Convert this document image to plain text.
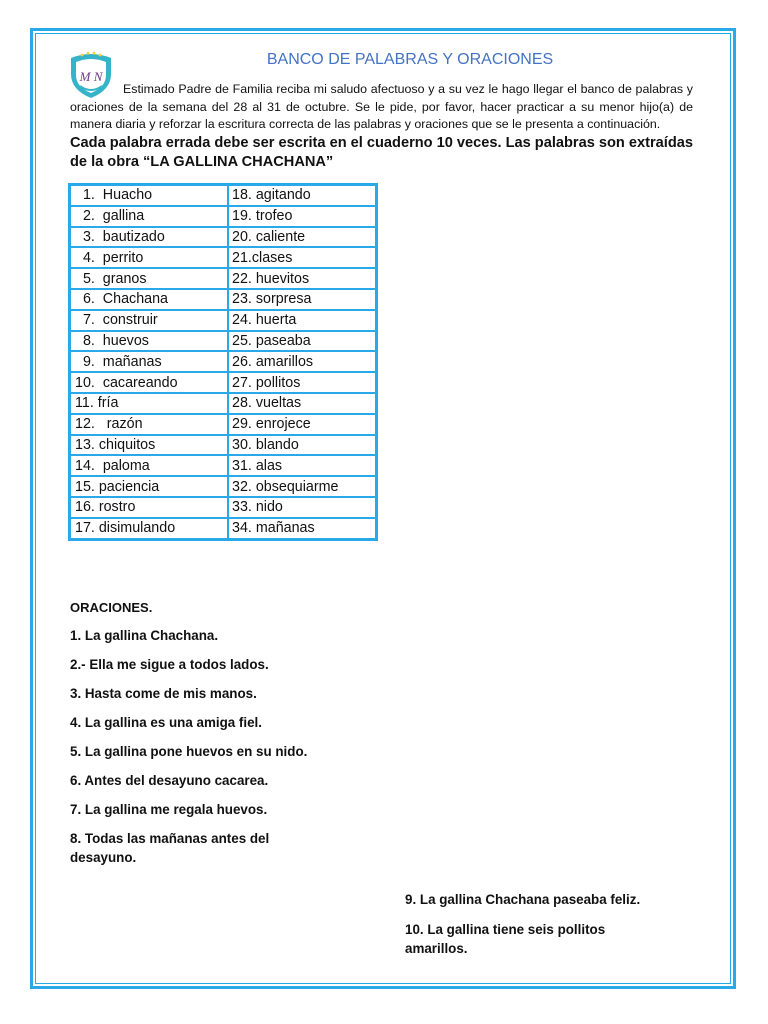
M N
BANCO DE PALABRAS Y ORACIONES
Estimado Padre de Familia reciba mi saludo afectuoso y a su vez le hago llegar el banco de palabras y oraciones de la semana del 28 al 31 de octubre. Se le pide, por favor, hacer practicar a su menor hijo(a) de manera diaria y reforzar la escritura correcta de las palabras y oraciones que se le presenta a continuación.
Cada palabra errada debe ser escrita en el cuaderno 10 veces. Las palabras son extraídas de la obra “LA GALLINA CHACHANA”
1.  Huacho	18. agitando
2.  gallina	19. trofeo
3.  bautizado	20. caliente
4.  perrito	21.clases
5.  granos	22. huevitos
6.  Chachana	23. sorpresa
7.  construir	24. huerta
8.  huevos	25. paseaba
9.  mañanas	26. amarillos
10.  cacareando	27. pollitos
11. fría	28. vueltas
12.   razón	29. enrojece
13. chiquitos	30. blando
14.  paloma	31. alas
15. paciencia	32. obsequiarme
16. rostro	33. nido
17. disimulando	34. mañanas
ORACIONES.
1. La gallina Chachana.
2.- Ella me sigue a todos lados.
3. Hasta come de mis manos.
4. La gallina es una amiga fiel.
5. La gallina pone huevos en su nido.
6. Antes del desayuno cacarea.
7. La gallina me regala huevos.
8. Todas las mañanas antes del desayuno.
9. La gallina Chachana paseaba feliz.
10. La gallina tiene seis pollitos amarillos.
